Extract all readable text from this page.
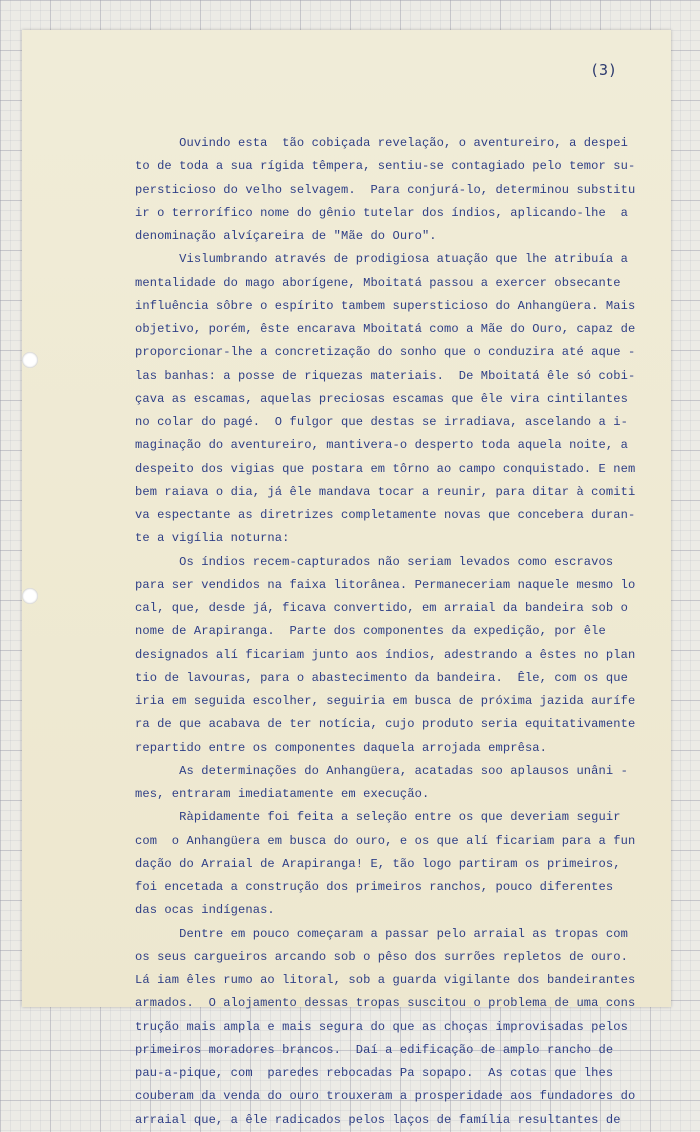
(3)
Ouvindo esta  tão cobiçada revelação, o aventureiro, a despei
to de toda a sua rígida têmpera, sentiu-se contagiado pelo temor su-
persticioso do velho selvagem.  Para conjurá-lo, determinou substitu
ir o terrorífico nome do gênio tutelar dos índios, aplicando-lhe  a
denominação alvíçareira de "Mãe do Ouro".
Vislumbrando através de prodigiosa atuação que lhe atribuía a
mentalidade do mago aborígene, Mboitatá passou a exercer obsecante
influência sôbre o espírito tambem supersticioso do Anhangüera. Mais
objetivo, porém, êste encarava Mboitatá como a Mãe do Ouro, capaz de
proporcionar-lhe a concretização do sonho que o conduzira até aque -
las banhas: a posse de riquezas materiais.  De Mboitatá êle só cobi-
çava as escamas, aquelas preciosas escamas que êle vira cintilantes
no colar do pagé.  O fulgor que destas se irradiava, ascelando a i-
maginação do aventureiro, mantivera-o desperto toda aquela noite, a
despeito dos vigias que postara em tôrno ao campo conquistado. E nem
bem raiava o dia, já êle mandava tocar a reunir, para ditar à comiti
va espectante as diretrizes completamente novas que concebera duran-
te a vigília noturna:
Os índios recem-capturados não seriam levados como escravos
para ser vendidos na faixa litorânea. Permaneceriam naquele mesmo lo
cal, que, desde já, ficava convertido, em arraial da bandeira sob o
nome de Arapiranga.  Parte dos componentes da expedição, por êle
designados alí ficariam junto aos índios, adestrando a êstes no plan
tio de lavouras, para o abastecimento da bandeira.  Êle, com os que
iria em seguida escolher, seguiria em busca de próxima jazida aurífe
ra de que acabava de ter notícia, cujo produto seria equitativamente
repartido entre os componentes daquela arrojada emprêsa.
As determinações do Anhangüera, acatadas soo aplausos unâni -
mes, entraram imediatamente em execução.
Ràpidamente foi feita a seleção entre os que deveriam seguir
com  o Anhangüera em busca do ouro, e os que alí ficariam para a fun
dação do Arraial de Arapiranga! E, tão logo partiram os primeiros,
foi encetada a construção dos primeiros ranchos, pouco diferentes
das ocas indígenas.
Dentre em pouco começaram a passar pelo arraial as tropas com
os seus cargueiros arcando sob o pêso dos surrões repletos de ouro.
Lá iam êles rumo ao litoral, sob a guarda vigilante dos bandeirantes
armados.  O alojamento dessas tropas suscitou o problema de uma cons
trução mais ampla e mais segura do que as choças improvisadas pelos
primeiros moradores brancos.  Daí a edificação de amplo rancho de
pau-a-pique, com  paredes rebocadas Pa sopapo.  As cotas que lhes
couberam da venda do ouro trouxeram a prosperidade aos fundadores do
arraial que, a êle radicados pelos laços de família resultantes de
